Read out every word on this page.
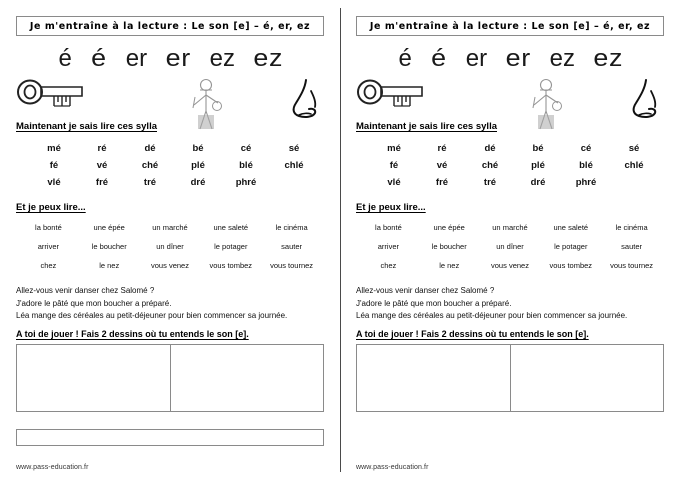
Je m'entraîne à la lecture : Le son [e] – é, er, ez
é é er er ez ez
Maintenant je sais lire ces sylla
mé	ré	dé	bé	cé	sé
fé	vé	ché	plé	blé	chlé
vlé	fré	tré	dré	phré
Et je peux lire...
la bonté	une épée	un marché	une saleté	le cinéma
arriver	le boucher	un dîner	le potager	sauter
chez	le nez	vous venez	vous tombez	vous tournez
Allez-vous venir danser chez Salomé ?
J'adore le pâté que mon boucher a préparé.
Léa mange des céréales au petit-déjeuner pour bien commencer sa journée.
A toi de jouer ! Fais 2 dessins où tu entends le son [e].
www.pass-education.fr
Je m'entraîne à la lecture : Le son [e] – é, er, ez
é é er er ez ez
Maintenant je sais lire ces sylla
mé	ré	dé	bé	cé	sé
fé	vé	ché	plé	blé	chlé
vlé	fré	tré	dré	phré
Et je peux lire...
la bonté	une épée	un marché	une saleté	le cinéma
arriver	le boucher	un dîner	le potager	sauter
chez	le nez	vous venez	vous tombez	vous tournez
Allez-vous venir danser chez Salomé ?
J'adore le pâté que mon boucher a préparé.
Léa mange des céréales au petit-déjeuner pour bien commencer sa journée.
A toi de jouer ! Fais 2 dessins où tu entends le son [e].
www.pass-education.fr
